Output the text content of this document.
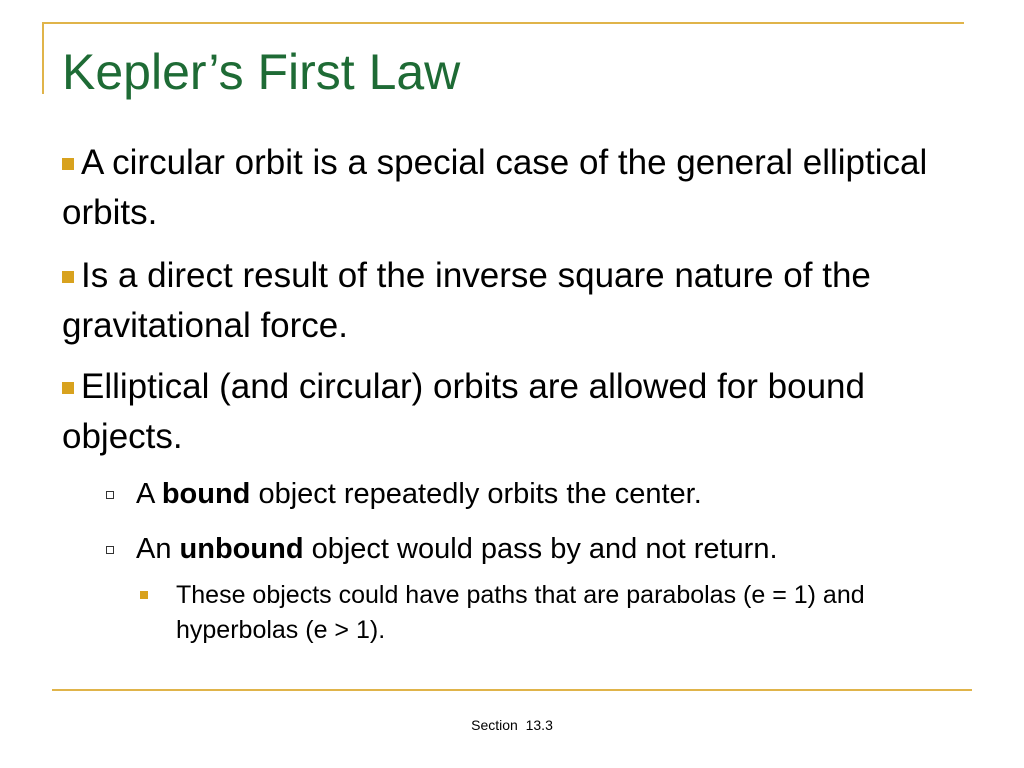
Kepler’s First Law
A circular orbit is a special case of the general elliptical orbits.
Is a direct result of the inverse square nature of the gravitational force.
Elliptical (and circular) orbits are allowed for bound objects.
A bound object repeatedly orbits the center.
An unbound object would pass by and not return.
These objects could have paths that are parabolas (e = 1) and hyperbolas (e > 1).
Section  13.3
